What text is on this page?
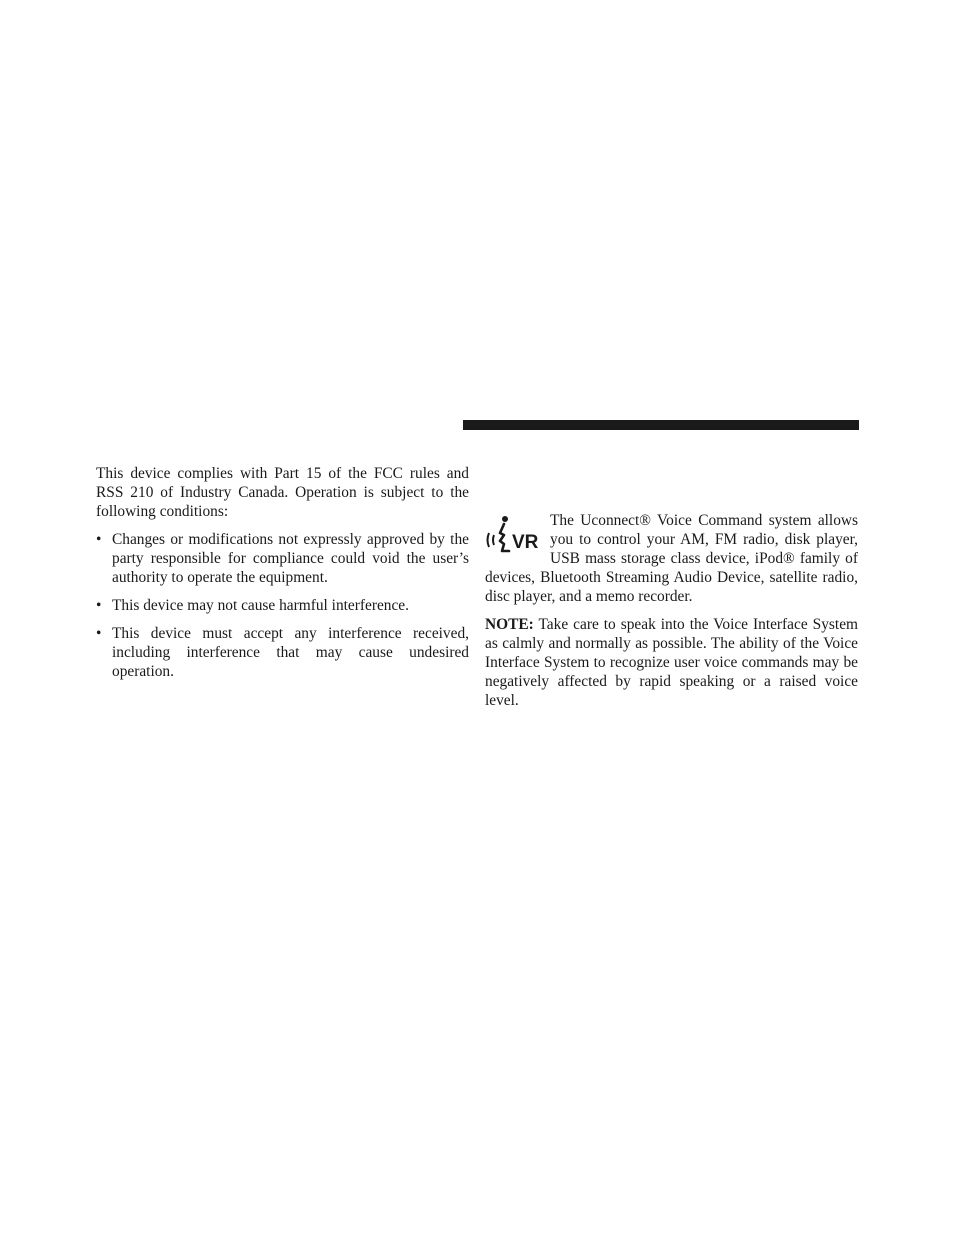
This device complies with Part 15 of the FCC rules and RSS 210 of Industry Canada. Operation is subject to the following conditions:

• Changes or modifications not expressly approved by the party responsible for compliance could void the user’s authority to operate the equipment.
• This device may not cause harmful interference.
• This device must accept any interference received, including interference that may cause undesired operation.

VR
The Uconnect® Voice Command system allows you to control your AM, FM radio, disk player, USB mass storage class device, iPod® family of devices, Bluetooth Streaming Audio Device, satellite radio, disc player, and a memo recorder.

NOTE: Take care to speak into the Voice Interface System as calmly and normally as possible. The ability of the Voice Interface System to recognize user voice commands may be negatively affected by rapid speaking or a raised voice level.
